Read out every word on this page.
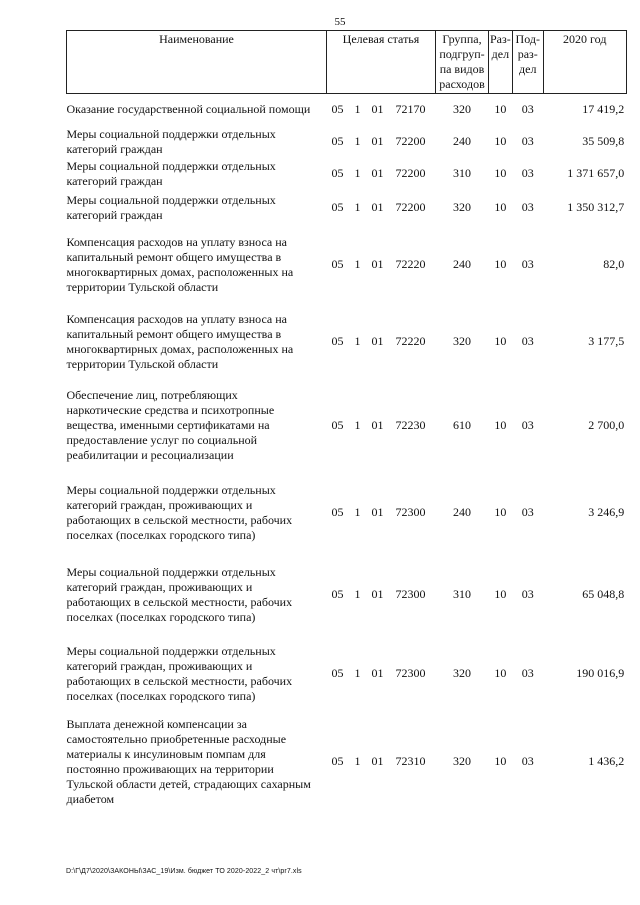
55
Наименование	Целевая статья	Группа, подгруп-па видов расходов	Раз-дел	Под-раз-дел	2020 год

Оказание государственной социальной помощи	05 1 01 72170	320	10	03	17 419,2

Меры социальной поддержки отдельных категорий граждан	05 1 01 72200	240	10	03	35 509,8

Меры социальной поддержки отдельных категорий граждан	05 1 01 72200	310	10	03	1 371 657,0

Меры социальной поддержки отдельных категорий граждан	05 1 01 72200	320	10	03	1 350 312,7

Компенсация расходов на уплату взноса на капитальный ремонт общего имущества в многоквартирных домах, расположенных на территории Тульской области	05 1 01 72220	240	10	03	82,0

Компенсация расходов на уплату взноса на капитальный ремонт общего имущества в многоквартирных домах, расположенных на территории Тульской области	05 1 01 72220	320	10	03	3 177,5

Обеспечение лиц, потребляющих наркотические средства и психотропные вещества, именными сертификатами на предоставление услуг по социальной реабилитации и ресоциализации	05 1 01 72230	610	10	03	2 700,0

Меры социальной поддержки отдельных категорий граждан, проживающих и работающих в сельской местности, рабочих поселках (поселках городского типа)	05 1 01 72300	240	10	03	3 246,9

Меры социальной поддержки отдельных категорий граждан, проживающих и работающих в сельской местности, рабочих поселках (поселках городского типа)	05 1 01 72300	310	10	03	65 048,8

Меры социальной поддержки отдельных категорий граждан, проживающих и работающих в сельской местности, рабочих поселках (поселках городского типа)	05 1 01 72300	320	10	03	190 016,9

Выплата денежной компенсации за самостоятельно приобретенные расходные материалы к инсулиновым помпам для постоянно проживающих на территории Тульской области детей, страдающих сахарным диабетом	05 1 01 72310	320	10	03	1 436,2
D:\Г\Д7\2020\ЗАКОНЫ\ЗАС_19\Изм. бюджет ТО 2020-2022_2 чт\pr7.xls
